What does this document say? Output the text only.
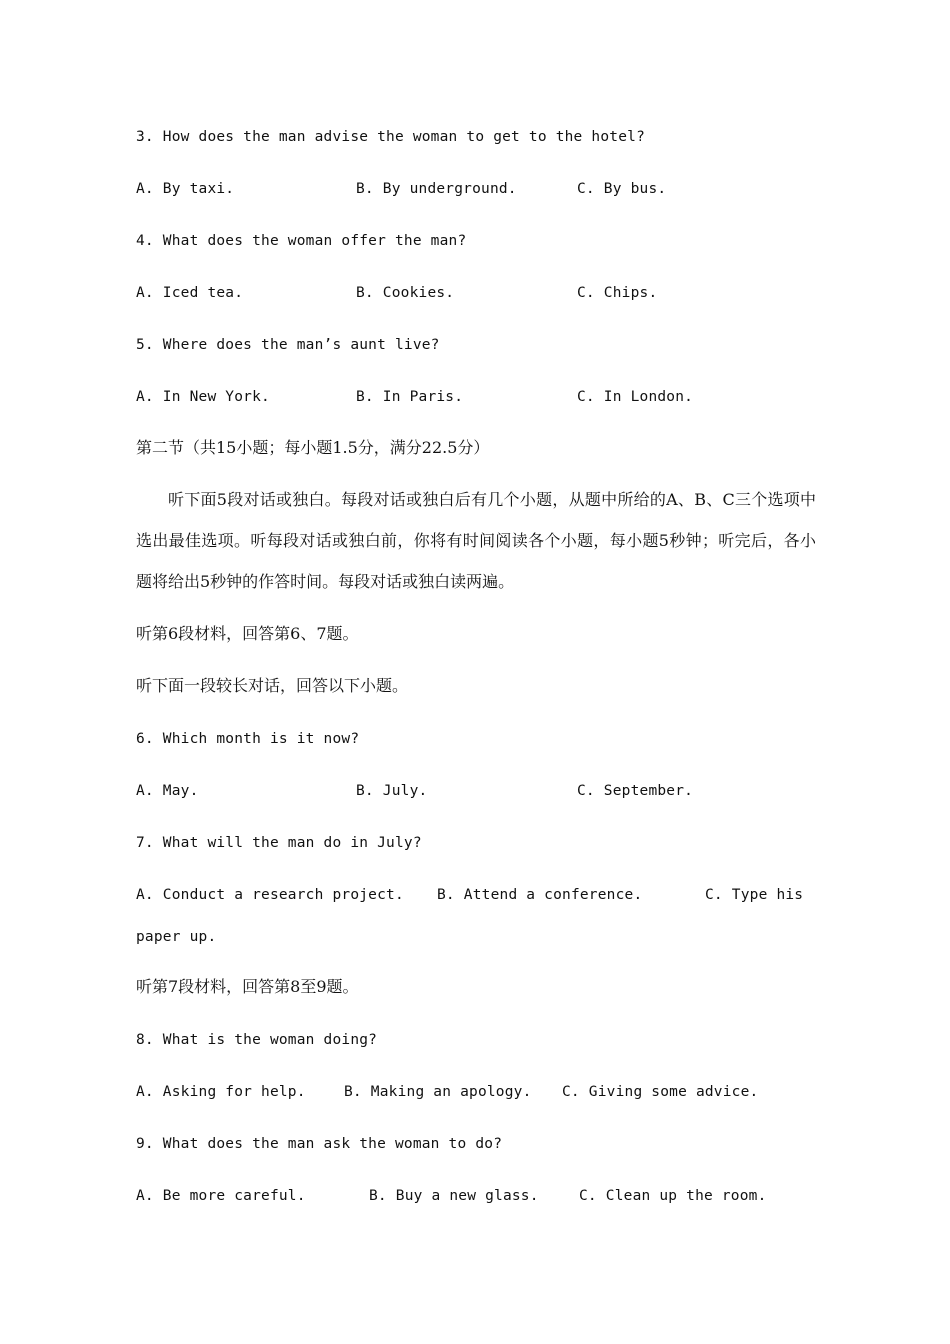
3. How does the man advise the woman to get to the hotel?
A. By taxi.	B. By underground.	C. By bus.
4. What does the woman offer the man?
A. Iced tea.	B. Cookies.	C. Chips.
5. Where does the man’s aunt live?
A. In New York.	B. In Paris.	C. In London.
第二节（共15小题；每小题1.5分，满分22.5分）
听下面5段对话或独白。每段对话或独白后有几个小题，从题中所给的A、B、C三个选项中选出最佳选项。听每段对话或独白前，你将有时间阅读各个小题，每小题5秒钟；听完后，各小题将给出5秒钟的作答时间。每段对话或独白读两遍。
听第6段材料，回答第6、7题。
听下面一段较长对话，回答以下小题。
6. Which month is it now?
A. May.	B. July.	C. September.
7. What will the man do in July?
A. Conduct a research project. B. Attend a conference.	C. Type his
paper up.
听第7段材料，回答第8至9题。
8. What is the woman doing?
A. Asking for help.	B. Making an apology. C. Giving some advice.
9. What does the man ask the woman to do?
A. Be more careful.	B. Buy a new glass.	C. Clean up the room.
